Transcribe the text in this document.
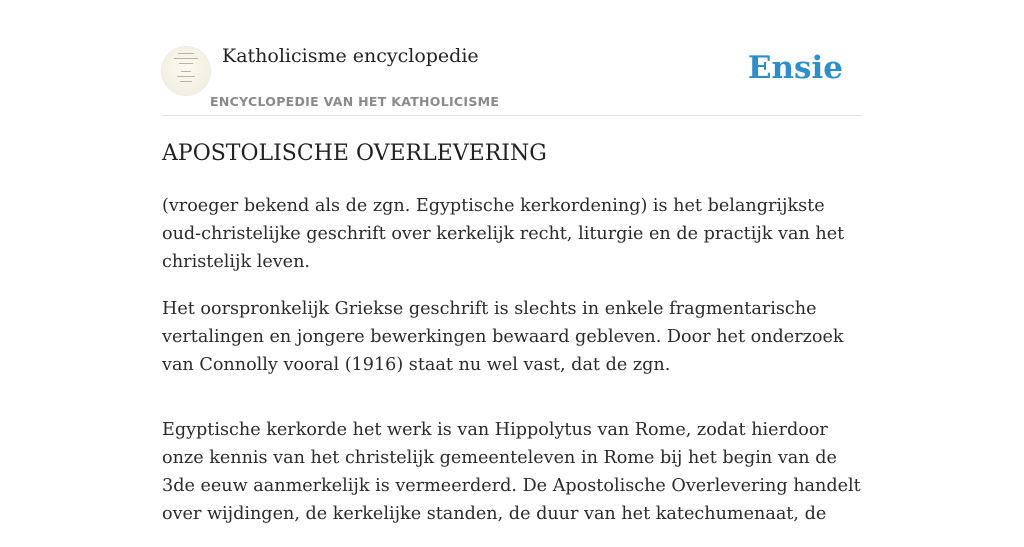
Katholicisme encyclopedie
ENCYCLOPEDIE VAN HET KATHOLICISME
Ensie
APOSTOLISCHE OVERLEVERING

(vroeger bekend als de zgn. Egyptische kerkordening) is het belangrijkste oud-christelijke geschrift over kerkelijk recht, liturgie en de practijk van het christelijk leven.

Het oorspronkelijk Griekse geschrift is slechts in enkele fragmentarische vertalingen en jongere bewerkingen bewaard gebleven. Door het onderzoek van Connolly vooral (1916) staat nu wel vast, dat de zgn.

Egyptische kerkorde het werk is van Hippolytus van Rome, zodat hierdoor onze kennis van het christelijk gemeenteleven in Rome bij het begin van de 3de eeuw aanmerkelijk is vermeerderd. De Apostolische Overlevering handelt over wijdingen, de kerkelijke standen, de duur van het katechumenaat, de
